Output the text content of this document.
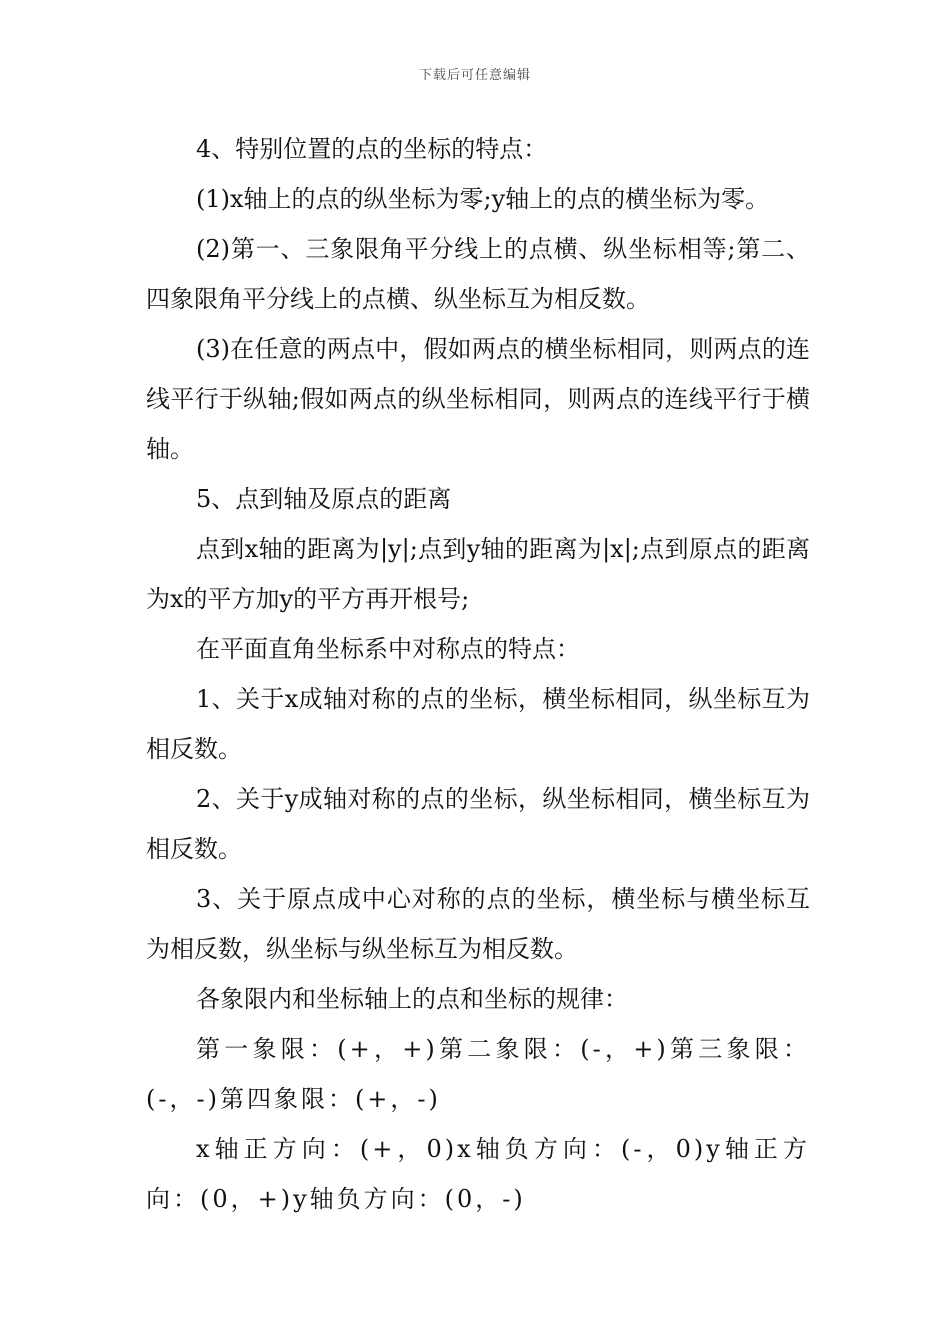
下载后可任意编辑

4、特别位置的点的坐标的特点：

(1)x轴上的点的纵坐标为零;y轴上的点的横坐标为零。

(2)第一、三象限角平分线上的点横、纵坐标相等;第二、四象限角平分线上的点横、纵坐标互为相反数。

(3)在任意的两点中，假如两点的横坐标相同，则两点的连线平行于纵轴;假如两点的纵坐标相同，则两点的连线平行于横轴。

5、点到轴及原点的距离

点到x轴的距离为|y|;点到y轴的距离为|x|;点到原点的距离为x的平方加y的平方再开根号;

在平面直角坐标系中对称点的特点：

1、关于x成轴对称的点的坐标，横坐标相同，纵坐标互为相反数。

2、关于y成轴对称的点的坐标，纵坐标相同，横坐标互为相反数。

3、关于原点成中心对称的点的坐标，横坐标与横坐标互为相反数，纵坐标与纵坐标互为相反数。

各象限内和坐标轴上的点和坐标的规律：

第一象限：(+，+)第二象限：(-，+)第三象限：(-，-)第四象限：(+，-)

x轴正方向：(+，0)x轴负方向：(-，0)y轴正方向：(0，+)y轴负方向：(0，-)
